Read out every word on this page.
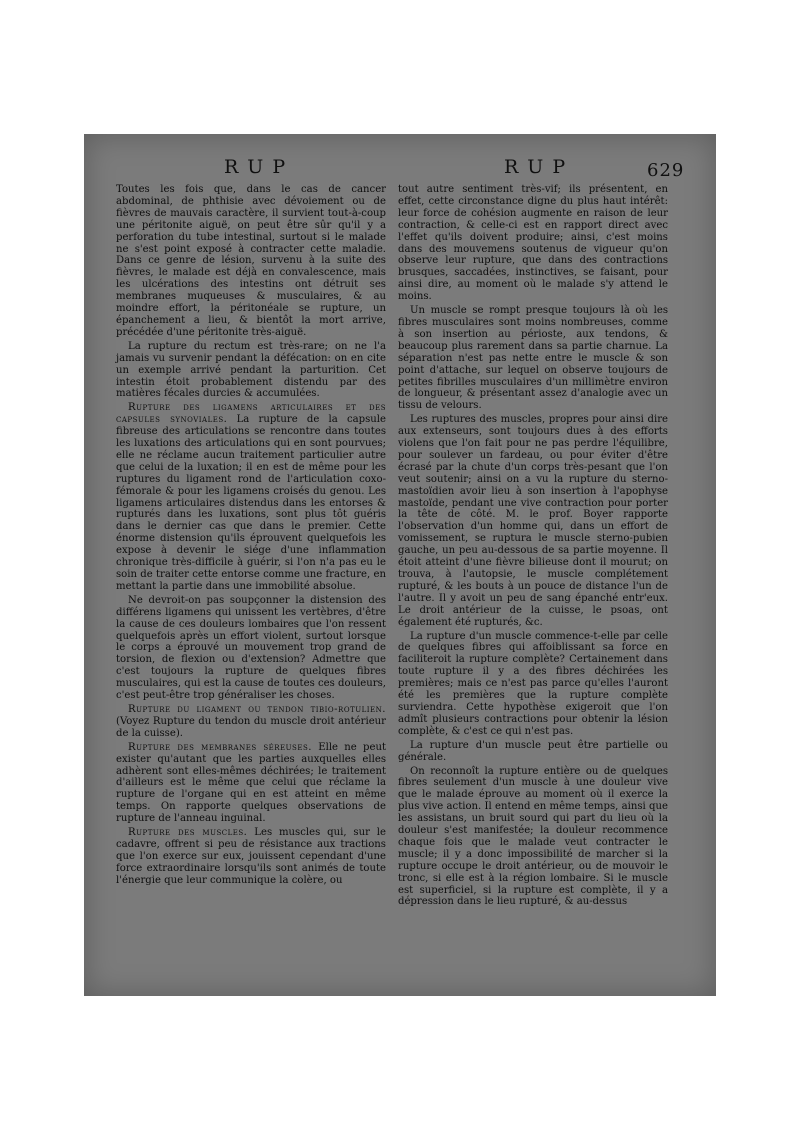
RUP	RUP	629

Toutes les fois que, dans le cas de cancer abdominal, de phthisie avec dévoiement ou de fièvres de mauvais caractère, il survient tout-à-coup une péritonite aiguë, on peut être sûr qu'il y a perforation du tube intestinal, surtout si le malade ne s'est point exposé à contracter cette maladie. Dans ce genre de lésion, survenu à la suite des fièvres, le malade est déjà en convalescence, mais les ulcérations des intestins ont détruit ses membranes muqueuses & musculaires, & au moindre effort, la péritonéale se rupture, un épanchement a lieu, & bientôt la mort arrive, précédée d'une péritonite très-aiguë.

La rupture du rectum est très-rare; on ne l'a jamais vu survenir pendant la défécation: on en cite un exemple arrivé pendant la parturition. Cet intestin étoit probablement distendu par des matières fécales durcies & accumulées.

Rupture des ligamens articulaires et des capsules synoviales. La rupture de la capsule fibreuse des articulations se rencontre dans toutes les luxations des articulations qui en sont pourvues; elle ne réclame aucun traitement particulier autre que celui de la luxation; il en est de même pour les ruptures du ligament rond de l'articulation coxo-fémorale & pour les ligamens croisés du genou. Les ligamens articulaires distendus dans les entorses & rupturés dans les luxations, sont plus tôt guéris dans le dernier cas que dans le premier. Cette énorme distension qu'ils éprouvent quelquefois les expose à devenir le siége d'une inflammation chronique très-difficile à guérir, si l'on n'a pas eu le soin de traiter cette entorse comme une fracture, en mettant la partie dans une immobilité absolue.

Ne devroit-on pas soupçonner la distension des différens ligamens qui unissent les vertèbres, d'être la cause de ces douleurs lombaires que l'on ressent quelquefois après un effort violent, surtout lorsque le corps a éprouvé un mouvement trop grand de torsion, de flexion ou d'extension? Admettre que c'est toujours la rupture de quelques fibres musculaires, qui est la cause de toutes ces douleurs, c'est peut-être trop généraliser les choses.

Rupture du ligament ou tendon tibio-rotulien. (Voyez Rupture du tendon du muscle droit antérieur de la cuisse).

Rupture des membranes séreuses. Elle ne peut exister qu'autant que les parties auxquelles elles adhèrent sont elles-mêmes déchirées; le traitement d'ailleurs est le même que celui que réclame la rupture de l'organe qui en est atteint en même temps. On rapporte quelques observations de rupture de l'anneau inguinal.

Rupture des muscles. Les muscles qui, sur le cadavre, offrent si peu de résistance aux tractions que l'on exerce sur eux, jouissent cependant d'une force extraordinaire lorsqu'ils sont animés de toute l'énergie que leur communique la colère, ou

tout autre sentiment très-vif; ils présentent, en effet, cette circonstance digne du plus haut intérêt: leur force de cohésion augmente en raison de leur contraction, & celle-ci est en rapport direct avec l'effet qu'ils doivent produire; ainsi, c'est moins dans des mouvemens soutenus de vigueur qu'on observe leur rupture, que dans des contractions brusques, saccadées, instinctives, se faisant, pour ainsi dire, au moment où le malade s'y attend le moins.

Un muscle se rompt presque toujours là où les fibres musculaires sont moins nombreuses, comme à son insertion au périoste, aux tendons, & beaucoup plus rarement dans sa partie charnue. La séparation n'est pas nette entre le muscle & son point d'attache, sur lequel on observe toujours de petites fibrilles musculaires d'un millimètre environ de longueur, & présentant assez d'analogie avec un tissu de velours.

Les ruptures des muscles, propres pour ainsi dire aux extenseurs, sont toujours dues à des efforts violens que l'on fait pour ne pas perdre l'équilibre, pour soulever un fardeau, ou pour éviter d'être écrasé par la chute d'un corps très-pesant que l'on veut soutenir; ainsi on a vu la rupture du sterno-mastoïdien avoir lieu à son insertion à l'apophyse mastoïde, pendant une vive contraction pour porter la tête de côté. M. le prof. Boyer rapporte l'observation d'un homme qui, dans un effort de vomissement, se ruptura le muscle sterno-pubien gauche, un peu au-dessous de sa partie moyenne. Il étoit atteint d'une fièvre bilieuse dont il mourut; on trouva, à l'autopsie, le muscle complétement rupturé, & les bouts à un pouce de distance l'un de l'autre. Il y avoit un peu de sang épanché entr'eux. Le droit antérieur de la cuisse, le psoas, ont également été rupturés, &c.

La rupture d'un muscle commence-t-elle par celle de quelques fibres qui affoiblissant sa force en faciliteroit la rupture complète? Certainement dans toute rupture il y a des fibres déchirées les premières; mais ce n'est pas parce qu'elles l'auront été les premières que la rupture complète surviendra. Cette hypothèse exigeroit que l'on admît plusieurs contractions pour obtenir la lésion complète, & c'est ce qui n'est pas.

La rupture d'un muscle peut être partielle ou générale.

On reconnoît la rupture entière ou de quelques fibres seulement d'un muscle à une douleur vive que le malade éprouve au moment où il exerce la plus vive action. Il entend en même temps, ainsi que les assistans, un bruit sourd qui part du lieu où la douleur s'est manifestée; la douleur recommence chaque fois que le malade veut contracter le muscle; il y a donc impossibilité de marcher si la rupture occupe le droit antérieur, ou de mouvoir le tronc, si elle est à la région lombaire. Si le muscle est superficiel, si la rupture est complète, il y a dépression dans le lieu rupturé, & au-dessus
